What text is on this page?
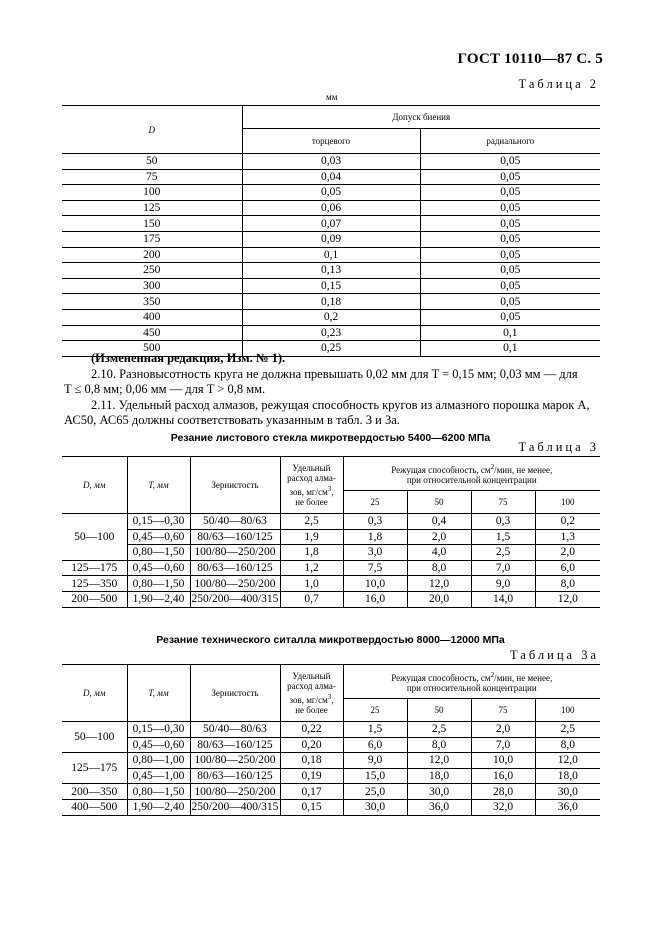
ГОСТ 10110—87 С. 5
Таблица 2
мм
D	Допуск биения	
	торцевого	радиального
50	0,03	0,05
75	0,04	0,05
100	0,05	0,05
125	0,06	0,05
150	0,07	0,05
175	0,09	0,05
200	0,1	0,05
250	0,13	0,05
300	0,15	0,05
350	0,18	0,05
400	0,2	0,05
450	0,23	0,1
500	0,25	0,1
(Измененная редакция, Изм. № 1).
2.10. Разновысотность круга не должна превышать 0,02 мм для T = 0,15 мм; 0,03 мм — для
T ≤ 0,8 мм; 0,06 мм — для T > 0,8 мм.
2.11. Удельный расход алмазов, режущая способность кругов из алмазного порошка марок А,
АС50, АС65 должны соответствовать указанным в табл. 3 и 3а.
Резание листового стекла микротвердостью 5400—6200 МПа
Таблица 3
D, мм	T, мм	Зернистость	Удельный
расход алма-
зов, $мг/см^3$,
не более	Режущая способность, $см^2$/мин, не менее,
при относительной концентрации			
				25	50	75	100
50—100	0,15—0,30	50/40—80/63	2,5	0,3	0,4	0,3	0,2
	0,45—0,60	80/63—160/125	1,9	1,8	2,0	1,5	1,3
	0,80—1,50	100/80—250/200	1,8	3,0	4,0	2,5	2,0
125—175	0,45—0,60	80/63—160/125	1,2	7,5	8,0	7,0	6,0
125—350	0,80—1,50	100/80—250/200	1,0	10,0	12,0	9,0	8,0
200—500	1,90—2,40	250/200—400/315	0,7	16,0	20,0	14,0	12,0
Резание технического ситалла микротвердостью 8000—12000 МПа
Таблица 3а
D, мм	T, мм	Зернистость	Удельный
расход алма-
зов, $мг/см^3$,
не более	Режущая способность, $см^2$/мин, не менее,
при относительной концентрации			
				25	50	75	100
50—100	0,15—0,30	50/40—80/63	0,22	1,5	2,5	2,0	2,5
	0,45—0,60	80/63—160/125	0,20	6,0	8,0	7,0	8,0
125—175	0,80—1,00	100/80—250/200	0,18	9,0	12,0	10,0	12,0
	0,45—1,00	80/63—160/125	0,19	15,0	18,0	16,0	18,0
200—350	0,80—1,50	100/80—250/200	0,17	25,0	30,0	28,0	30,0
400—500	1,90—2,40	250/200—400/315	0,15	30,0	36,0	32,0	36,0
